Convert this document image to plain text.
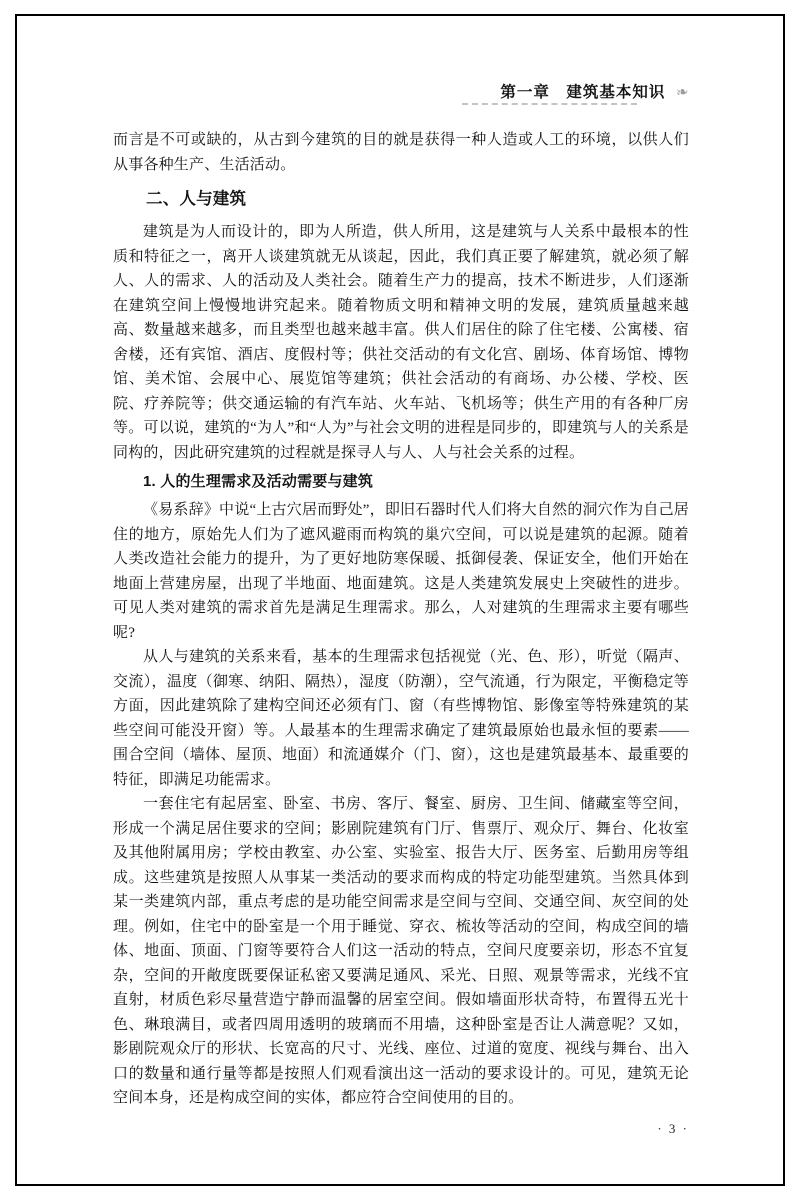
第一章　建筑基本知识 ❧

而言是不可或缺的，从古到今建筑的目的就是获得一种人造或人工的环境，以供人们从事各种生产、生活活动。

二、人与建筑

建筑是为人而设计的，即为人所造，供人所用，这是建筑与人关系中最根本的性质和特征之一，离开人谈建筑就无从谈起，因此，我们真正要了解建筑，就必须了解人、人的需求、人的活动及人类社会。随着生产力的提高，技术不断进步，人们逐渐在建筑空间上慢慢地讲究起来。随着物质文明和精神文明的发展，建筑质量越来越高、数量越来越多，而且类型也越来越丰富。供人们居住的除了住宅楼、公寓楼、宿舍楼，还有宾馆、酒店、度假村等；供社交活动的有文化宫、剧场、体育场馆、博物馆、美术馆、会展中心、展览馆等建筑；供社会活动的有商场、办公楼、学校、医院、疗养院等；供交通运输的有汽车站、火车站、飞机场等；供生产用的有各种厂房等。可以说，建筑的“为人”和“人为”与社会文明的进程是同步的，即建筑与人的关系是同构的，因此研究建筑的过程就是探寻人与人、人与社会关系的过程。

1. 人的生理需求及活动需要与建筑

《易系辞》中说“上古穴居而野处”，即旧石器时代人们将大自然的洞穴作为自己居住的地方，原始先人们为了遮风避雨而构筑的巢穴空间，可以说是建筑的起源。随着人类改造社会能力的提升，为了更好地防寒保暖、抵御侵袭、保证安全，他们开始在地面上营建房屋，出现了半地面、地面建筑。这是人类建筑发展史上突破性的进步。可见人类对建筑的需求首先是满足生理需求。那么，人对建筑的生理需求主要有哪些呢?

从人与建筑的关系来看，基本的生理需求包括视觉（光、色、形），听觉（隔声、交流），温度（御寒、纳阳、隔热），湿度（防潮），空气流通，行为限定，平衡稳定等方面，因此建筑除了建构空间还必须有门、窗（有些博物馆、影像室等特殊建筑的某些空间可能没开窗）等。人最基本的生理需求确定了建筑最原始也最永恒的要素——围合空间（墙体、屋顶、地面）和流通媒介（门、窗），这也是建筑最基本、最重要的特征，即满足功能需求。

一套住宅有起居室、卧室、书房、客厅、餐室、厨房、卫生间、储藏室等空间，形成一个满足居住要求的空间；影剧院建筑有门厅、售票厅、观众厅、舞台、化妆室及其他附属用房；学校由教室、办公室、实验室、报告大厅、医务室、后勤用房等组成。这些建筑是按照人从事某一类活动的要求而构成的特定功能型建筑。当然具体到某一类建筑内部，重点考虑的是功能空间需求是空间与空间、交通空间、灰空间的处理。例如，住宅中的卧室是一个用于睡觉、穿衣、梳妆等活动的空间，构成空间的墙体、地面、顶面、门窗等要符合人们这一活动的特点，空间尺度要亲切，形态不宜复杂，空间的开敞度既要保证私密又要满足通风、采光、日照、观景等需求，光线不宜直射，材质色彩尽量营造宁静而温馨的居室空间。假如墙面形状奇特，布置得五光十色、琳琅满目，或者四周用透明的玻璃而不用墙，这种卧室是否让人满意呢？又如，影剧院观众厅的形状、长宽高的尺寸、光线、座位、过道的宽度、视线与舞台、出入口的数量和通行量等都是按照人们观看演出这一活动的要求设计的。可见，建筑无论空间本身，还是构成空间的实体，都应符合空间使用的目的。

· 3 ·
